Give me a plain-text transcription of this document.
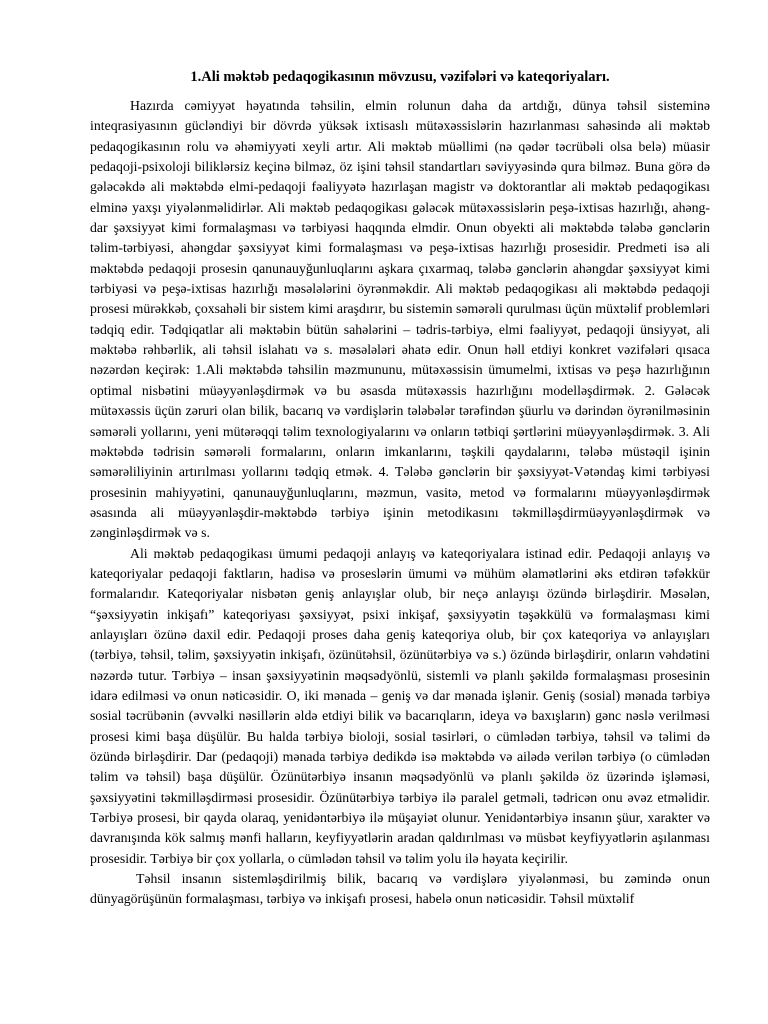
1.Ali məktəb pedaqogikasının mövzusu, vəzifələri və kateqoriyaları.

Hazırda cəmiyyət həyatında təhsilin, elmin rolunun daha da artdığı, dünya təhsil sisteminə inteqrasiyasının gücləndiyi bir dövrdə yüksək ixtisaslı mütəxəssislərin hazırlanması sahəsində ali məktəb pedaqogikasının rolu və əhəmiyyəti xeyli artır. Ali məktəb müəllimi (nə qədər təcrübəli olsa belə) müasir pedaqoji-psixoloji biliklərsiz keçinə bilməz, öz işini təhsil standartları səviyyəsində qura bilməz. Buna görə də gələcəkdə ali məktəbdə elmi-pedaqoji fəaliyyətə hazırlaşan magistr və doktorantlar ali məktəb pedaqogikası elminə yaxşı yiyələnməlidirlər. Ali məktəb pedaqogikası gələcək mütəxəssislərin peşə-ixtisas hazırlığı, ahəng-dar şəxsiyyət kimi formalaşması və tərbiyəsi haqqında elmdir. Onun obyekti ali məktəbdə tələbə gənclərin təlim-tərbiyəsi, ahəngdar şəxsiyyət kimi formalaşması və peşə-ixtisas hazırlığı prosesidir. Predmeti isə ali məktəbdə pedaqoji prosesin qanunauyğunluqlarını aşkara çıxarmaq, tələbə gənclərin ahəngdar şəxsiyyət kimi tərbiyəsi və peşə-ixtisas hazırlığı məsələlərini öyrənməkdir. Ali məktəb pedaqogikası ali məktəbdə pedaqoji prosesi mürəkkəb, çoxsahəli bir sistem kimi araşdırır, bu sistemin səmərəli qurulması üçün müxtəlif problemləri tədqiq edir. Tədqiqatlar ali məktəbin bütün sahələrini – tədris-tərbiyə, elmi fəaliyyət, pedaqoji ünsiyyət, ali məktəbə rəhbərlik, ali təhsil islahatı və s. məsələləri əhatə edir. Onun həll etdiyi konkret vəzifələri qısaca nəzərdən keçirək: 1.Ali məktəbdə təhsilin məzmununu, mütəxəssisin ümumelmi, ixtisas və peşə hazırlığının optimal nisbətini müəyyənləşdirmək və bu əsasda mütəxəssis hazırlığını modelləşdirmək. 2. Gələcək mütəxəssis üçün zəruri olan bilik, bacarıq və vərdişlərin tələbələr tərəfindən şüurlu və dərindən öyrənilməsinin səmərəli yollarını, yeni mütərəqqi təlim texnologiyalarını və onların tətbiqi şərtlərini müəyyənləşdirmək. 3. Ali məktəbdə tədrisin səmərəli formalarını, onların imkanlarını, təşkili qaydalarını, tələbə müstəqil işinin səmərəliliyinin artırılması yollarını tədqiq etmək. 4. Tələbə gənclərin bir şəxsiyyət-Vətəndaş kimi tərbiyəsi prosesinin mahiyyətini, qanunauyğunluqlarını, məzmun, vasitə, metod və formalarını müəyyənləşdirmək əsasında ali müəyyənləşdir-məktəbdə tərbiyə işinin metodikasını təkmilləşdirmüəyyənləşdirmək və zənginləşdirmək və s.

Ali məktəb pedaqogikası ümumi pedaqoji anlayış və kateqoriyalara istinad edir. Pedaqoji anlayış və kateqoriyalar pedaqoji faktların, hadisə və proseslərin ümumi və mühüm əlamətlərini əks etdirən təfəkkür formalarıdır. Kateqoriyalar nisbətən geniş anlayışlar olub, bir neçə anlayışı özündə birləşdirir. Məsələn, “şəxsiyyətin inkişafı” kateqoriyası şəxsiyyət, psixi inkişaf, şəxsiyyətin təşəkkülü və formalaşması kimi anlayışları özünə daxil edir. Pedaqoji proses daha geniş kateqoriya olub, bir çox kateqoriya və anlayışları (tərbiyə, təhsil, təlim, şəxsiyyətin inkişafı, özünütəhsil, özünütərbiyə və s.) özündə birləşdirir, onların vəhdətini nəzərdə tutur. Tərbiyə – insan şəxsiyyətinin məqsədyönlü, sistemli və planlı şəkildə formalaşması prosesinin idarə edilməsi və onun nəticəsidir. O, iki mənada – geniş və dar mənada işlənir. Geniş (sosial) mənada tərbiyə sosial təcrübənin (əvvəlki nəsillərin əldə etdiyi bilik və bacarıqların, ideya və baxışların) gənc nəslə verilməsi prosesi kimi başa düşülür. Bu halda tərbiyə bioloji, sosial təsirləri, o cümlədən tərbiyə, təhsil və təlimi də özündə birləşdirir. Dar (pedaqoji) mənada tərbiyə dedikdə isə məktəbdə və ailədə verilən tərbiyə (o cümlədən təlim və təhsil) başa düşülür. Özünütərbiyə insanın məqsədyönlü və planlı şəkildə öz üzərində işləməsi, şəxsiyyətini təkmilləşdirməsi prosesidir. Özünütərbiyə tərbiyə ilə paralel getməli, tədricən onu əvəz etməlidir. Tərbiyə prosesi, bir qayda olaraq, yenidəntərbiyə ilə müşayiət olunur. Yenidəntərbiyə insanın şüur, xarakter və davranışında kök salmış mənfi halların, keyfiyyətlərin aradan qaldırılması və müsbət keyfiyyətlərin aşılanması prosesidir. Tərbiyə bir çox yollarla, o cümlədən təhsil və təlim yolu ilə həyata keçirilir.

Təhsil insanın sistemləşdirilmiş bilik, bacarıq və vərdişlərə yiyələnməsi, bu zəmində onun dünyagörüşünün formalaşması, tərbiyə və inkişafı prosesi, habelə onun nəticəsidir. Təhsil müxtəlif
